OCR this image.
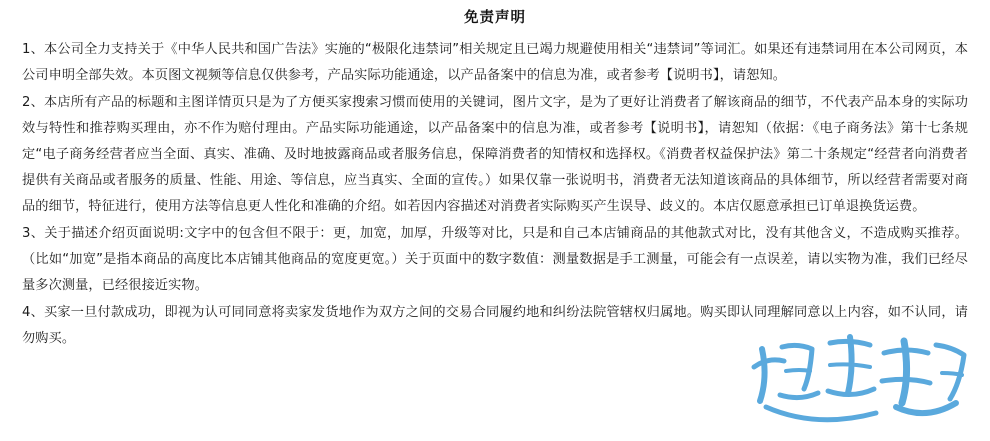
免责声明

1、本公司全力支持关于《中华人民共和国广告法》实施的“极限化违禁词”相关规定且已竭力规避使用相关“违禁词”等词汇。如果还有违禁词用在本公司网页，本公司申明全部失效。本页图文视频等信息仅供参考，产品实际功能通途，以产品备案中的信息为准，或者参考【说明书】，请恕知。

2、本店所有产品的标题和主图详情页只是为了方便买家搜索习惯而使用的关键词，图片文字，是为了更好让消费者了解该商品的细节，不代表产品本身的实际功效与特性和推荐购买理由，亦不作为赔付理由。产品实际功能通途，以产品备案中的信息为准，或者参考【说明书】，请恕知（依据：《电子商务法》第十七条规定“电子商务经营者应当全面、真实、准确、及时地披露商品或者服务信息，保障消费者的知情权和选择权。《消费者权益保护法》第二十条规定“经营者向消费者提供有关商品或者服务的质量、性能、用途、等信息，应当真实、全面的宣传。）如果仅靠一张说明书，消费者无法知道该商品的具体细节，所以经营者需要对商品的细节，特征进行，使用方法等信息更人性化和准确的介绍。如若因内容描述对消费者实际购买产生误导、歧义的。本店仅愿意承担已订单退换货运费。

3、关于描述介绍页面说明:文字中的包含但不限于：更，加宽，加厚，升级等对比，只是和自己本店铺商品的其他款式对比，没有其他含义，不造成购买推荐。（比如“加宽”是指本商品的高度比本店铺其他商品的宽度更宽。）关于页面中的数字数值：测量数据是手工测量，可能会有一点误差，请以实物为准，我们已经尽量多次测量，已经很接近实物。

4、买家一旦付款成功，即视为认可同同意将卖家发货地作为双方之间的交易合同履约地和纠纷法院管辖权归属地。购买即认同理解同意以上内容，如不认同，请勿购买。
